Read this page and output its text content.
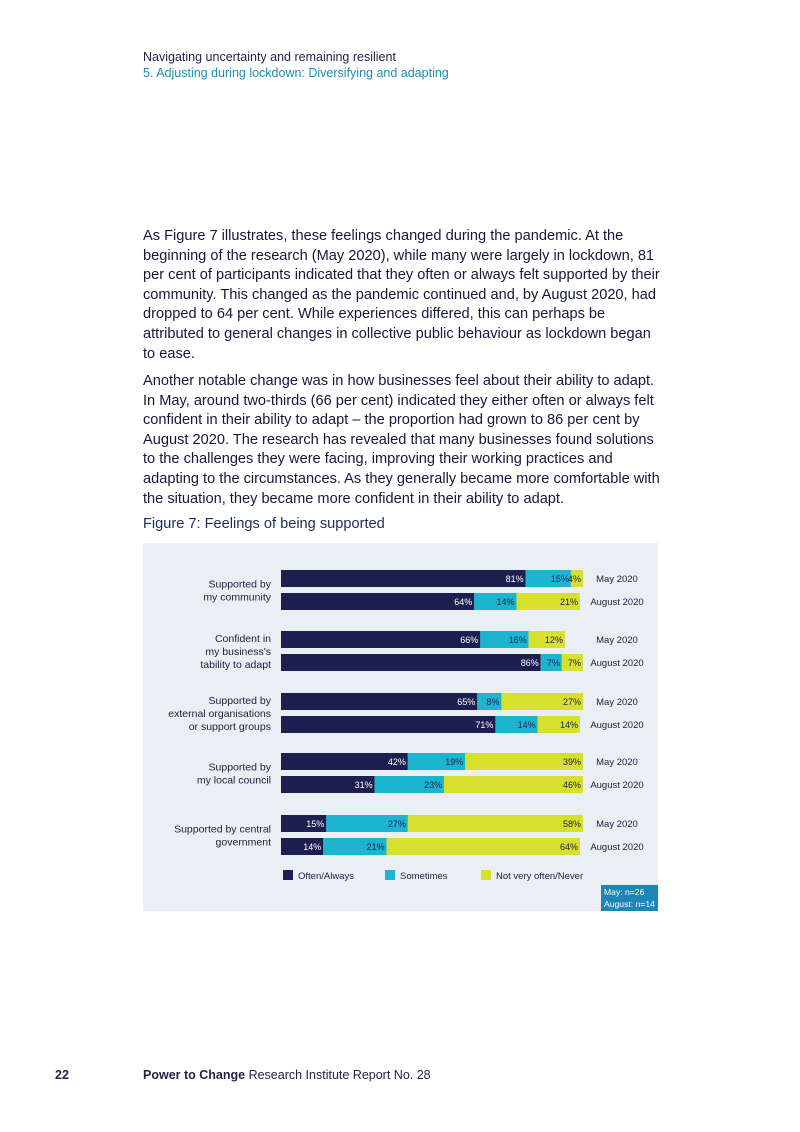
Navigating uncertainty and remaining resilient
5. Adjusting during lockdown: Diversifying and adapting
As Figure 7 illustrates, these feelings changed during the pandemic. At the beginning of the research (May 2020), while many were largely in lockdown, 81 per cent of participants indicated that they often or always felt supported by their community. This changed as the pandemic continued and, by August 2020, had dropped to 64 per cent. While experiences differed, this can perhaps be attributed to general changes in collective public behaviour as lockdown began to ease.
Another notable change was in how businesses feel about their ability to adapt. In May, around two-thirds (66 per cent) indicated they either often or always felt confident in their ability to adapt – the proportion had grown to 86 per cent by August 2020. The research has revealed that many businesses found solutions to the challenges they were facing, improving their working practices and adapting to the circumstances. As they generally became more comfortable with the situation, they became more confident in their ability to adapt.
Figure 7: Feelings of being supported
Supported by
my community
81%	15% 4% May 2020
64%	14%	21% August 2020
Confident in
my business's
tability to adapt
66%	16% 12%	May 2020
86% 7% 7% August 2020
Supported by
external organisations
or support groups
65% 8%	27% May 2020
71%	14%	14% August 2020
Supported by
my local council
42%	19%	39% May 2020
31%	23%	46% August 2020
Supported by central
government
15%	27%	58% May 2020
14%	21%	64% August 2020
Often/Always	Sometimes	Not very often/Never
May: n=26
August: n=14
22	Power to Change Research Institute Report No. 28
